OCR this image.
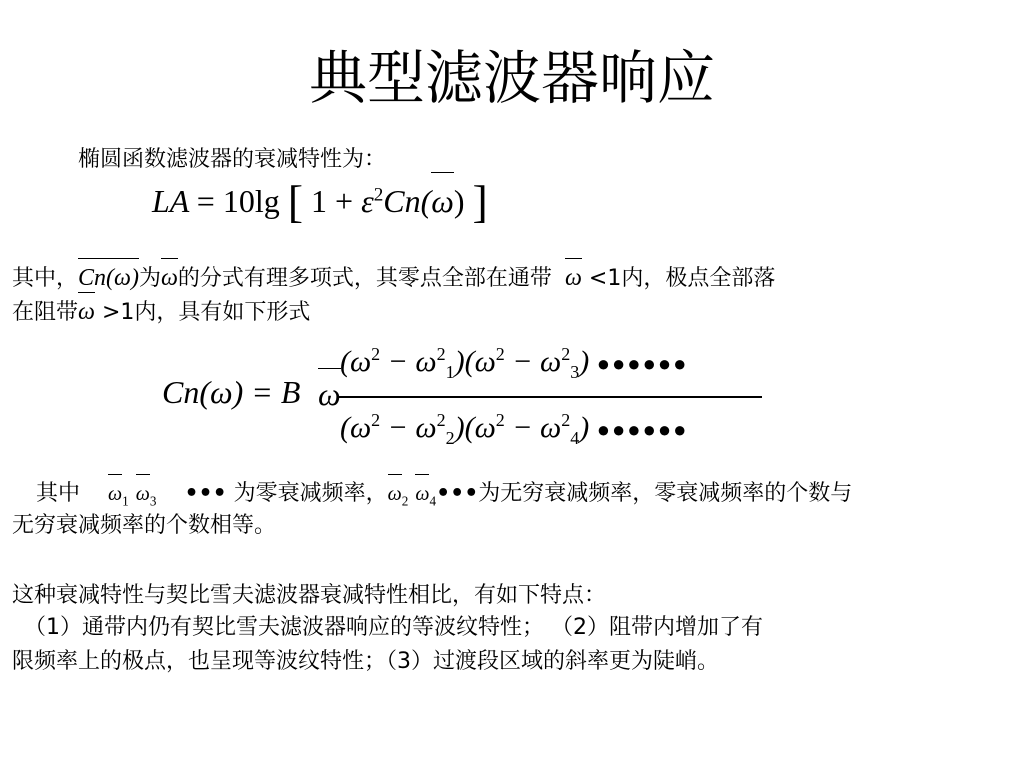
典型滤波器响应
椭圆函数滤波器的衰减特性为：
LA = 10lg [ $1 + \varepsilon^2Cn(\omega)$ ]
其中，Cn(ω)为ω的分式有理多项式，其零点全部在通带 ω <1内，极点全部落
在阻带ω >1内，具有如下形式
Cn(ω) = B ω
$(\omega^2 - \omega^2_1)(\omega^2 - \omega^2_3)$ ●●●●●●
$(\omega^2 - \omega^2_2)(\omega^2 - \omega^2_4)$ ●●●●●●
其中 $\omega_1$ $\omega_3$ ••• 为零衰减频率，$\omega_2$ $\omega_4•••$为无穷衰减频率，零衰减频率的个数与
无穷衰减频率的个数相等。
这种衰减特性与契比雪夫滤波器衰减特性相比，有如下特点：
（1）通带内仍有契比雪夫滤波器响应的等波纹特性； （2）阻带内增加了有
限频率上的极点，也呈现等波纹特性；（3）过渡段区域的斜率更为陡峭。
